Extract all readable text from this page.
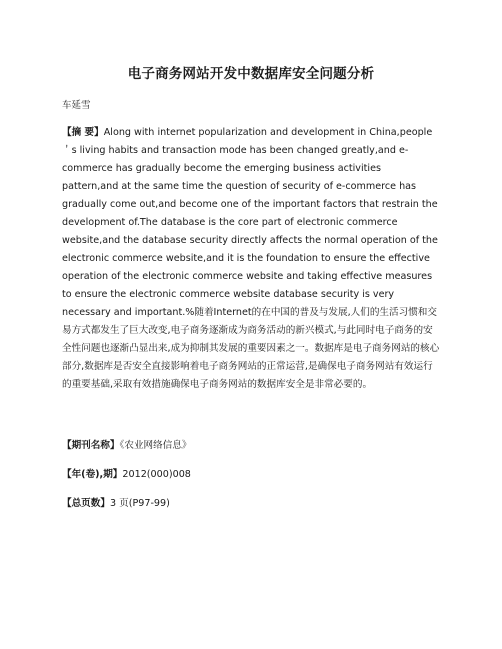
电子商务网站开发中数据库安全问题分析
车延雪
【摘 要】Along with internet popularization and development in China,people＇s living habits and transaction mode has been changed greatly,and e-commerce has gradually become the emerging business activities pattern,and at the same time the question of security of e-commerce has gradually come out,and become one of the important factors that restrain the development of.The database is the core part of electronic commerce website,and the database security directly affects the normal operation of the electronic commerce website,and it is the foundation to ensure the effective operation of the electronic commerce website and taking effective measures to ensure the electronic commerce website database security is very necessary and important.%随着Internet的在中国的普及与发展,人们的生活习惯和交易方式都发生了巨大改变,电子商务逐渐成为商务活动的新兴模式,与此同时电子商务的安全性问题也逐渐凸显出来,成为抑制其发展的重要因素之一。数据库是电子商务网站的核心部分,数据库是否安全直接影响着电子商务网站的正常运营,是确保电子商务网站有效运行的重要基础,采取有效措施确保电子商务网站的数据库安全是非常必要的。
【期刊名称】《农业网络信息》
【年(卷),期】2012(000)008
【总页数】3 页(P97-99)
